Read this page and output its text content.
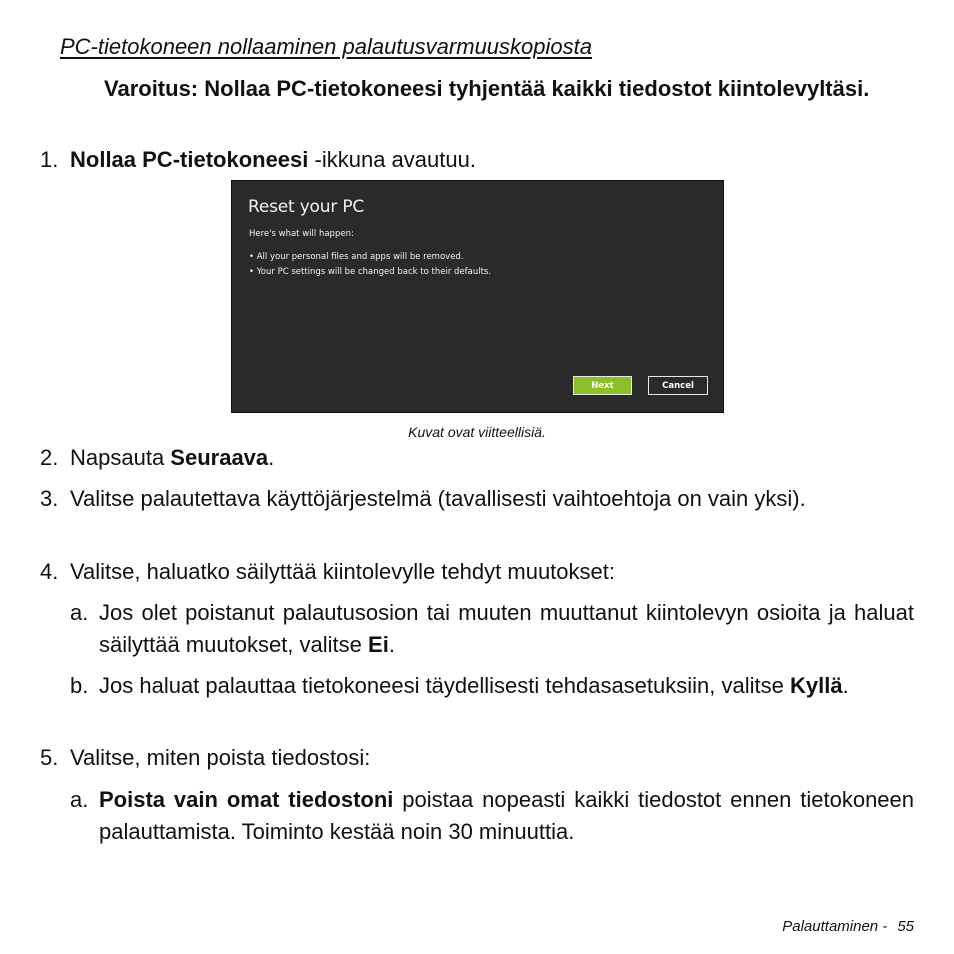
PC-tietokoneen nollaaminen palautusvarmuuskopiosta
Varoitus: Nollaa PC-tietokoneesi tyhjentää kaikki tiedostot kiintolevyltäsi.
1. Nollaa PC-tietokoneesi -ikkuna avautuu.
Reset your PC
Here's what will happen:
• All your personal files and apps will be removed.
• Your PC settings will be changed back to their defaults.
Next	Cancel
Kuvat ovat viitteellisiä.
2. Napsauta Seuraava.
3. Valitse palautettava käyttöjärjestelmä (tavallisesti vaihtoehtoja on vain yksi).
4. Valitse, haluatko säilyttää kiintolevylle tehdyt muutokset:
a. Jos olet poistanut palautusosion tai muuten muuttanut kiintolevyn osioita ja haluat säilyttää muutokset, valitse Ei.
b. Jos haluat palauttaa tietokoneesi täydellisesti tehdasasetuksiin, valitse Kyllä.
5. Valitse, miten poista tiedostosi:
a. Poista vain omat tiedostoni poistaa nopeasti kaikki tiedostot ennen tietokoneen palauttamista. Toiminto kestää noin 30 minuuttia.
Palauttaminen - 55
